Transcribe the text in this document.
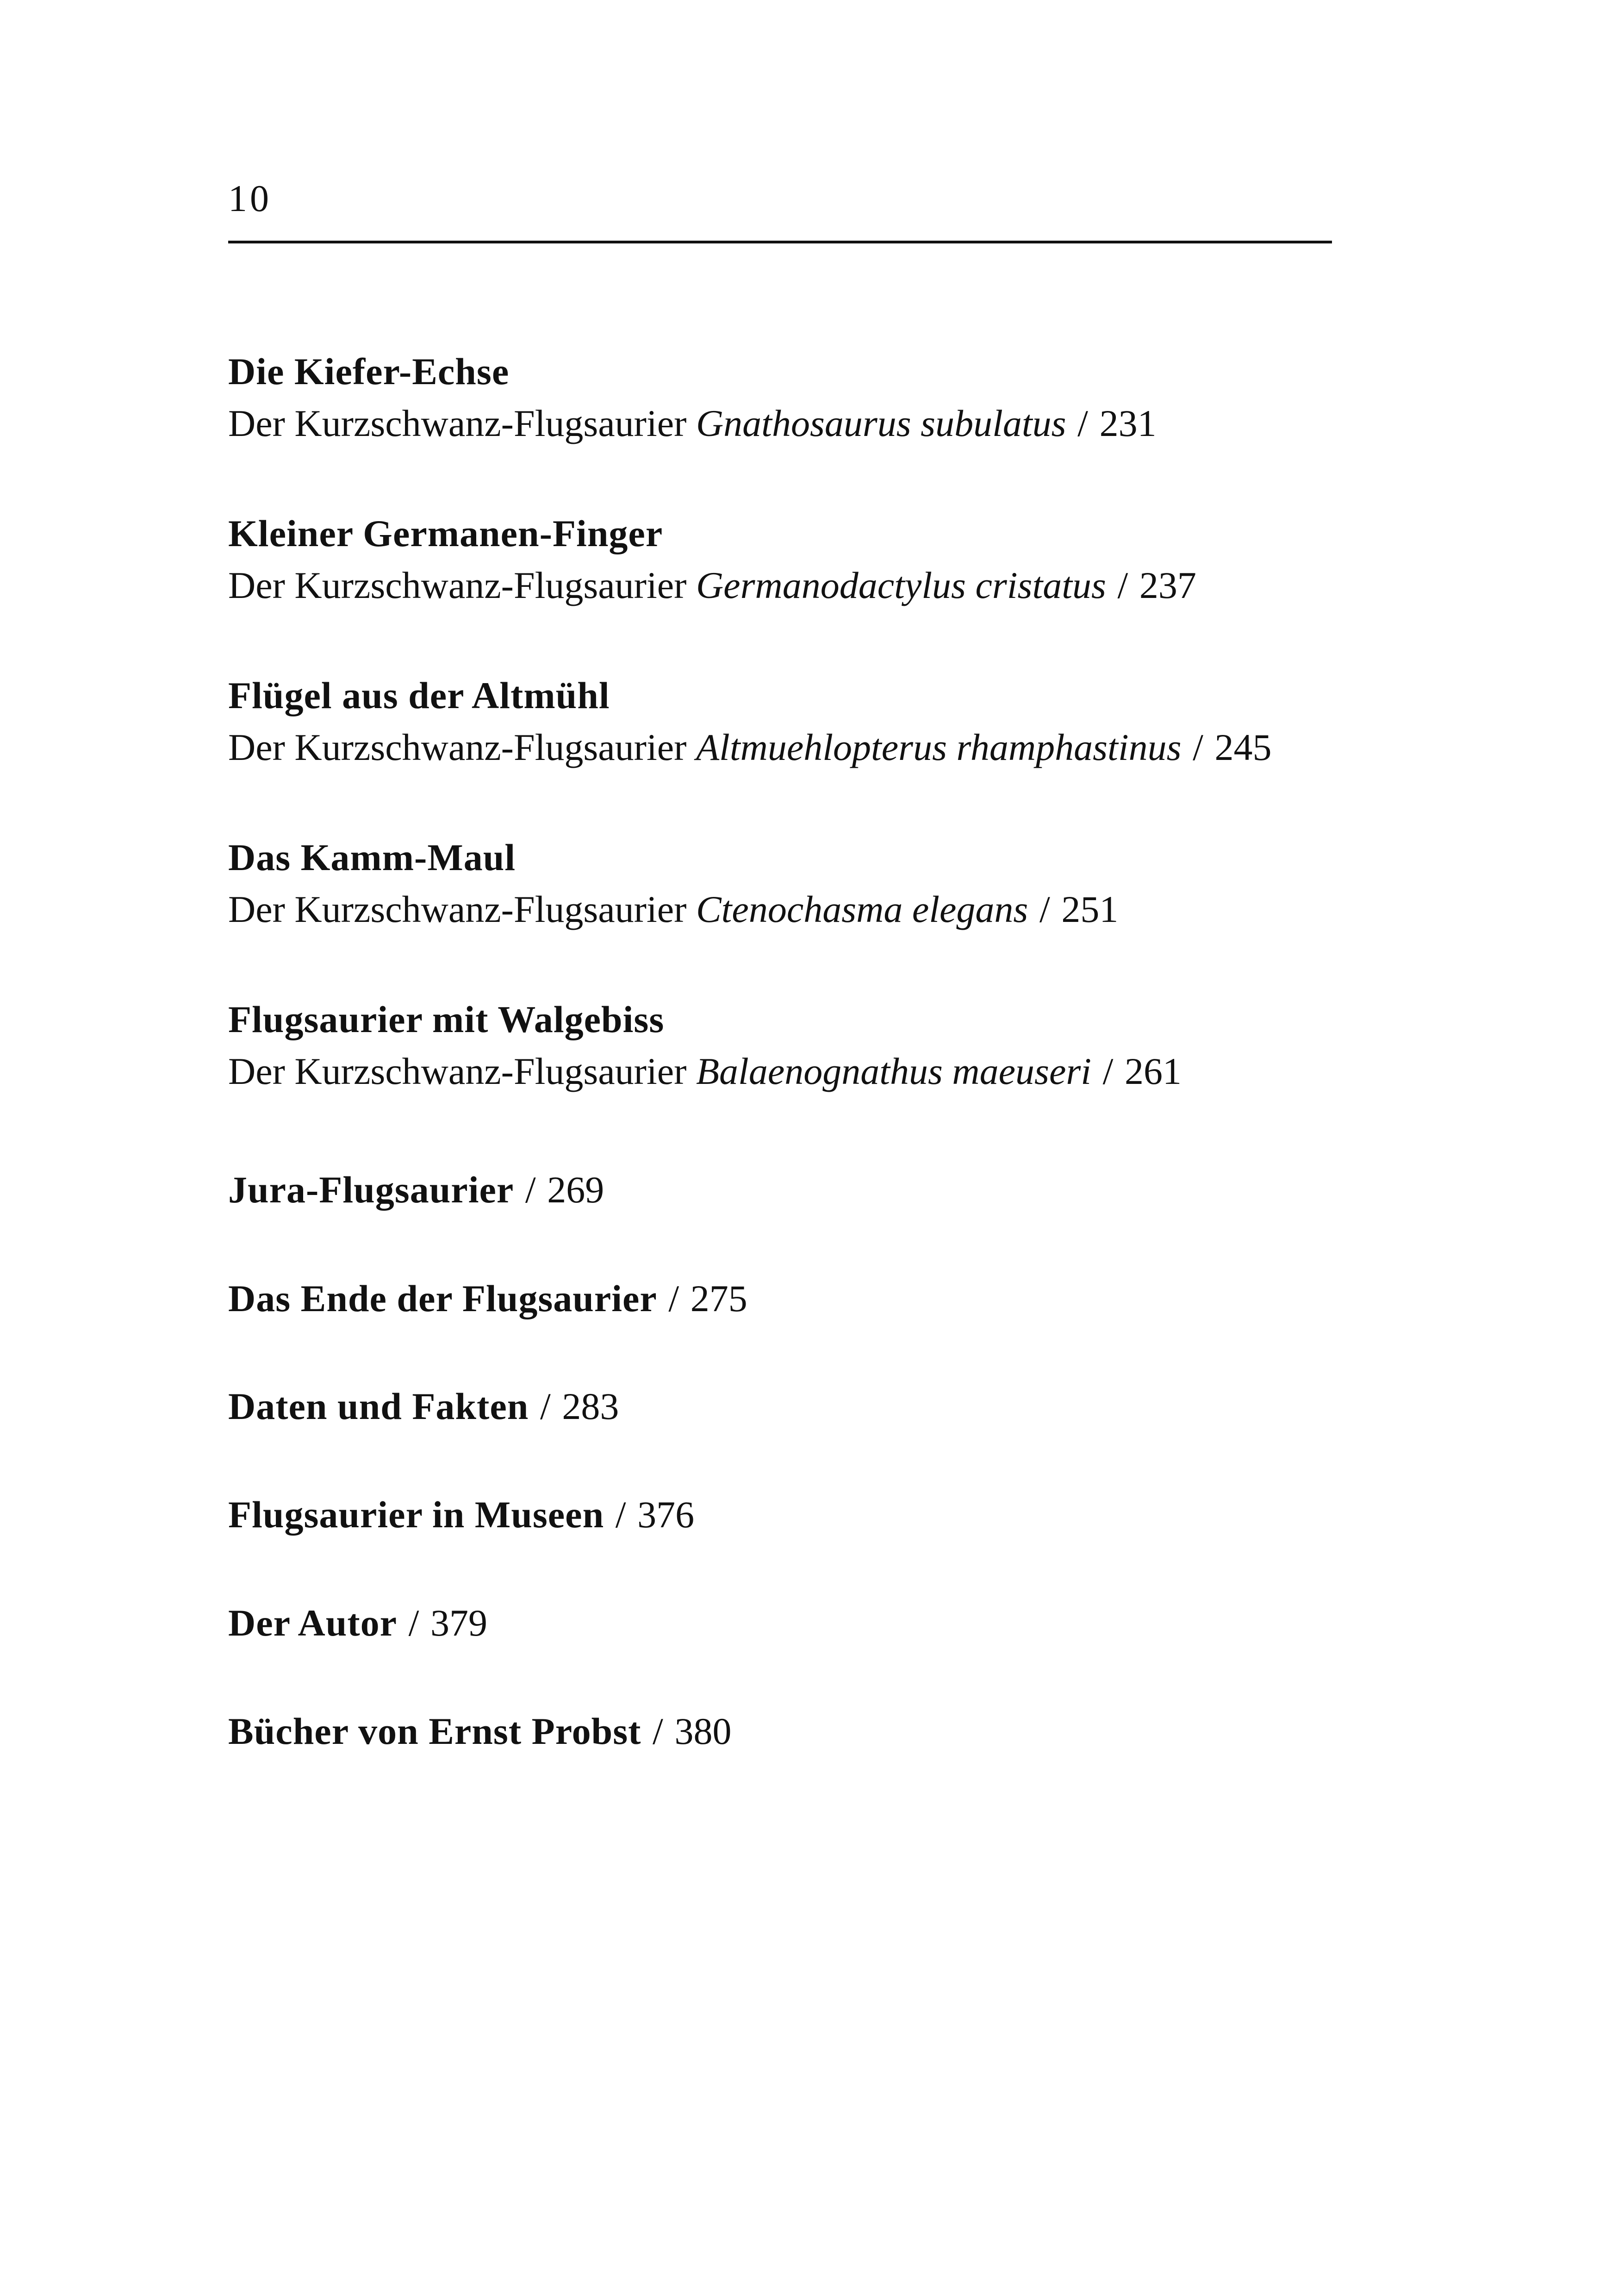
10
Die Kiefer-Echse
Der Kurzschwanz-Flugsaurier Gnathosaurus subulatus / 231
Kleiner Germanen-Finger
Der Kurzschwanz-Flugsaurier Germanodactylus cristatus / 237
Flügel aus der Altmühl
Der Kurzschwanz-Flugsaurier Altmuehlopterus rhamphastinus / 245
Das Kamm-Maul
Der Kurzschwanz-Flugsaurier Ctenochasma elegans / 251
Flugsaurier mit Walgebiss
Der Kurzschwanz-Flugsaurier Balaenognathus maeuseri / 261
Jura-Flugsaurier / 269
Das Ende der Flugsaurier / 275
Daten und Fakten / 283
Flugsaurier in Museen / 376
Der Autor / 379
Bücher von Ernst Probst / 380
